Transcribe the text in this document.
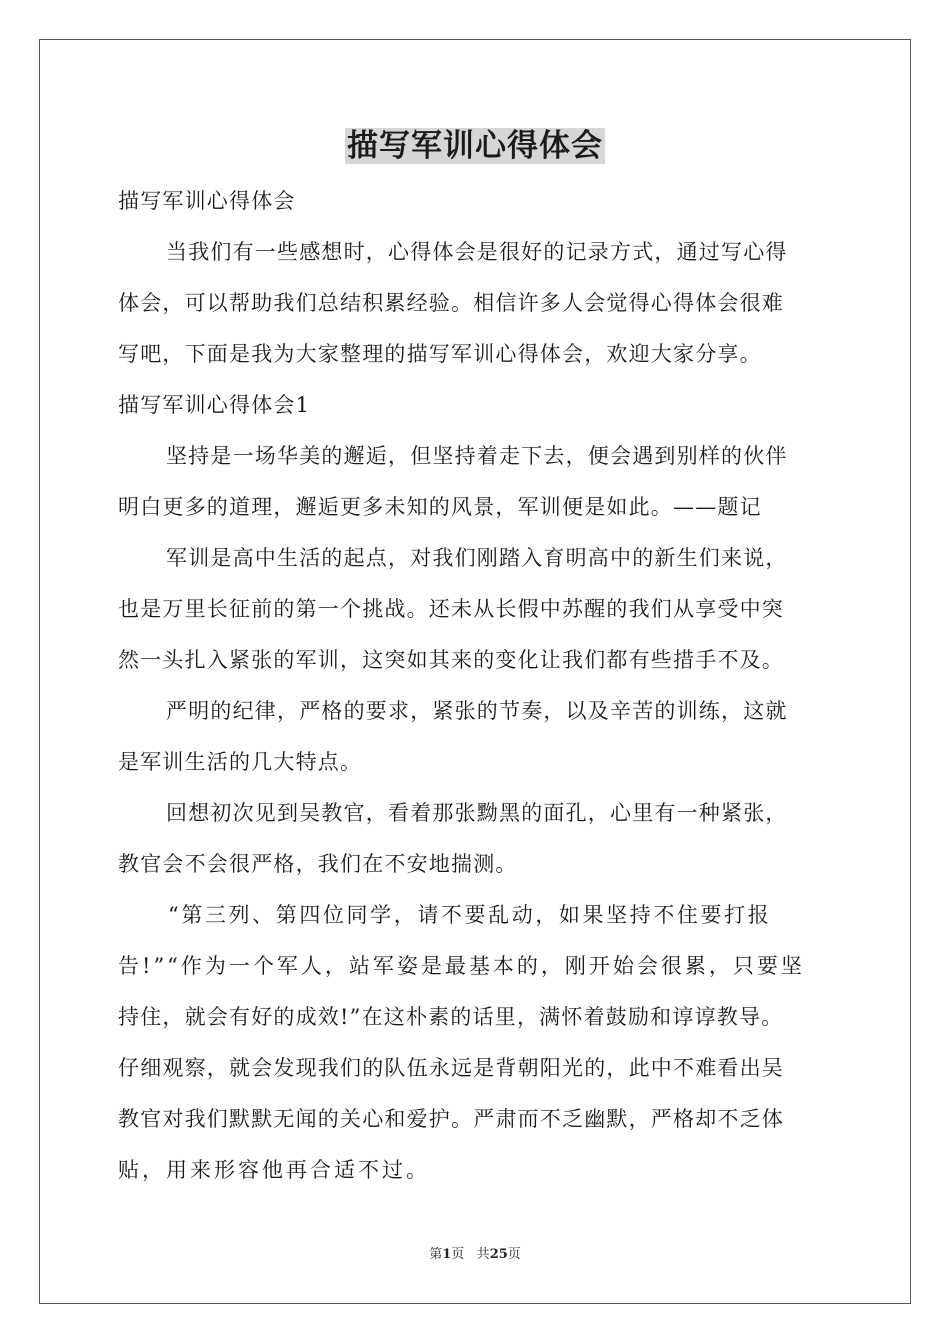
描写军训心得体会
描写军训心得体会
当我们有一些感想时，心得体会是很好的记录方式，通过写心得
体会，可以帮助我们总结积累经验。相信许多人会觉得心得体会很难
写吧，下面是我为大家整理的描写军训心得体会，欢迎大家分享。
描写军训心得体会1
坚持是一场华美的邂逅，但坚持着走下去，便会遇到别样的伙伴
明白更多的道理，邂逅更多未知的风景，军训便是如此。——题记
军训是高中生活的起点，对我们刚踏入育明高中的新生们来说，
也是万里长征前的第一个挑战。还未从长假中苏醒的我们从享受中突
然一头扎入紧张的军训，这突如其来的变化让我们都有些措手不及。
严明的纪律，严格的要求，紧张的节奏，以及辛苦的训练，这就
是军训生活的几大特点。
回想初次见到吴教官，看着那张黝黑的面孔，心里有一种紧张，
教官会不会很严格，我们在不安地揣测。
“第三列、第四位同学，请不要乱动，如果坚持不住要打报
告!”“作为一个军人，站军姿是最基本的，刚开始会很累，只要坚
持住，就会有好的成效!”在这朴素的话里，满怀着鼓励和谆谆教导。
仔细观察，就会发现我们的队伍永远是背朝阳光的，此中不难看出吴
教官对我们默默无闻的关心和爱护。严肃而不乏幽默，严格却不乏体
贴，用来形容他再合适不过。
第1页 共25页
